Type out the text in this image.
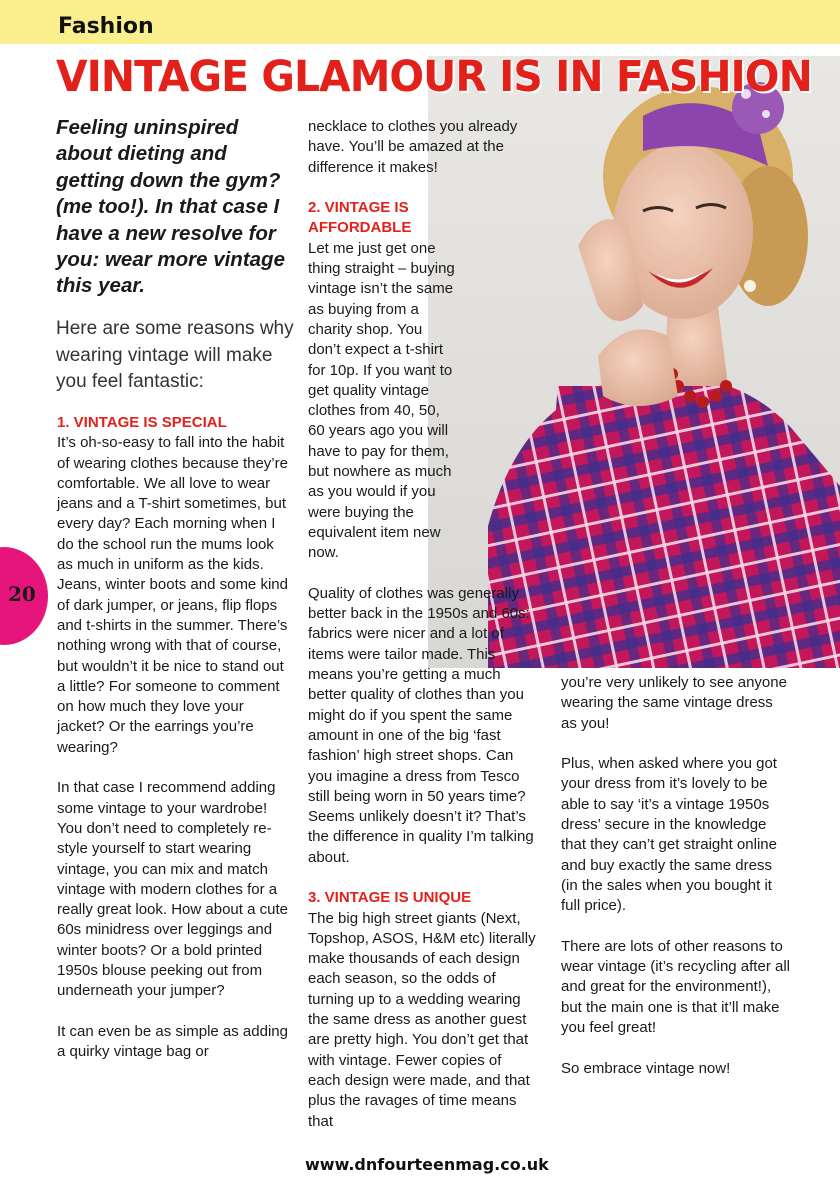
Fashion
VINTAGE GLAMOUR IS IN FASHION

Feeling uninspired about dieting and getting down the gym? (me too!). In that case I have a new resolve for you: wear more vintage this year.

Here are some reasons why wearing vintage will make you feel fantastic:

1. VINTAGE IS SPECIAL

It’s oh-so-easy to fall into the habit of wearing clothes because they’re comfortable. We all love to wear jeans and a T-shirt sometimes, but every day? Each morning when I do the school run the mums look as much in uniform as the kids. Jeans, winter boots and some kind of dark jumper, or jeans, flip flops and t-shirts in the summer. There’s nothing wrong with that of course, but wouldn’t it be nice to stand out a little? For someone to comment on how much they love your jacket? Or the earrings you’re wearing?

In that case I recommend adding some vintage to your wardrobe! You don’t need to completely re-style yourself to start wearing vintage, you can mix and match vintage with modern clothes for a really great look. How about a cute 60s minidress over leggings and winter boots? Or a bold printed 1950s blouse peeking out from underneath your jumper?

It can even be as simple as adding a quirky vintage bag or

necklace to clothes you already have. You’ll be amazed at the difference it makes!

2. VINTAGE IS AFFORDABLE

Let me just get one thing straight – buying vintage isn’t the same as buying from a charity shop. You don’t expect a t-shirt for 10p. If you want to get quality vintage clothes from 40, 50, 60 years ago you will have to pay for them, but nowhere as much as you would if you were buying the equivalent item new now.

Quality of clothes was generally better back in the 1950s and 60s: fabrics were nicer and a lot of items were tailor made. This means you’re getting a much better quality of clothes than you might do if you spent the same amount in one of the big ‘fast fashion’ high street shops. Can you imagine a dress from Tesco still being worn in 50 years time? Seems unlikely doesn’t it? That’s the difference in quality I’m talking about.

3. VINTAGE IS UNIQUE

The big high street giants (Next, Topshop, ASOS, H&M etc) literally make thousands of each design each season, so the odds of turning up to a wedding wearing the same dress as another guest are pretty high. You don’t get that with vintage. Fewer copies of each design were made, and that plus the ravages of time means that

you’re very unlikely to see anyone wearing the same vintage dress as you!

Plus, when asked where you got your dress from it’s lovely to be able to say ‘it’s a vintage 1950s dress’ secure in the knowledge that they can’t get straight online and buy exactly the same dress (in the sales when you bought it full price).

There are lots of other reasons to wear vintage (it’s recycling after all and great for the environment!), but the main one is that it’ll make you feel great!

So embrace vintage now!

20
www.dnfourteenmag.co.uk
